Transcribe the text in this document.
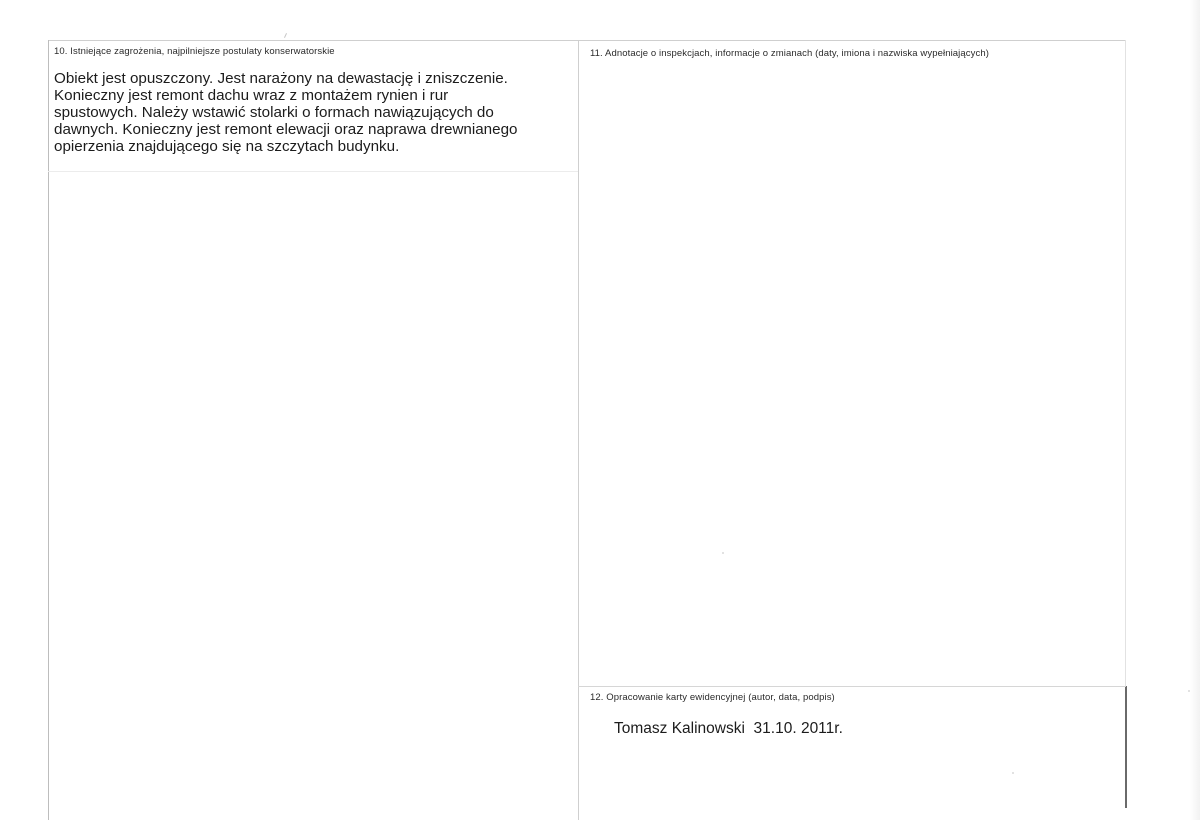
10. Istniejące zagrożenia, najpilniejsze postulaty konserwatorskie

Obiekt jest opuszczony. Jest narażony na dewastację i zniszczenie.

Konieczny jest remont dachu wraz z montażem rynien i rur

spustowych. Należy wstawić stolarki o formach nawiązujących do

dawnych. Konieczny jest remont elewacji oraz naprawa drewnianego

opierzenia znajdującego się na szczytach budynku.

11. Adnotacje o inspekcjach, informacje o zmianach (daty, imiona i nazwiska wypełniających)
12. Opracowanie karty ewidencyjnej (autor, data, podpis)
Tomasz Kalinowski  31.10. 2011r.
